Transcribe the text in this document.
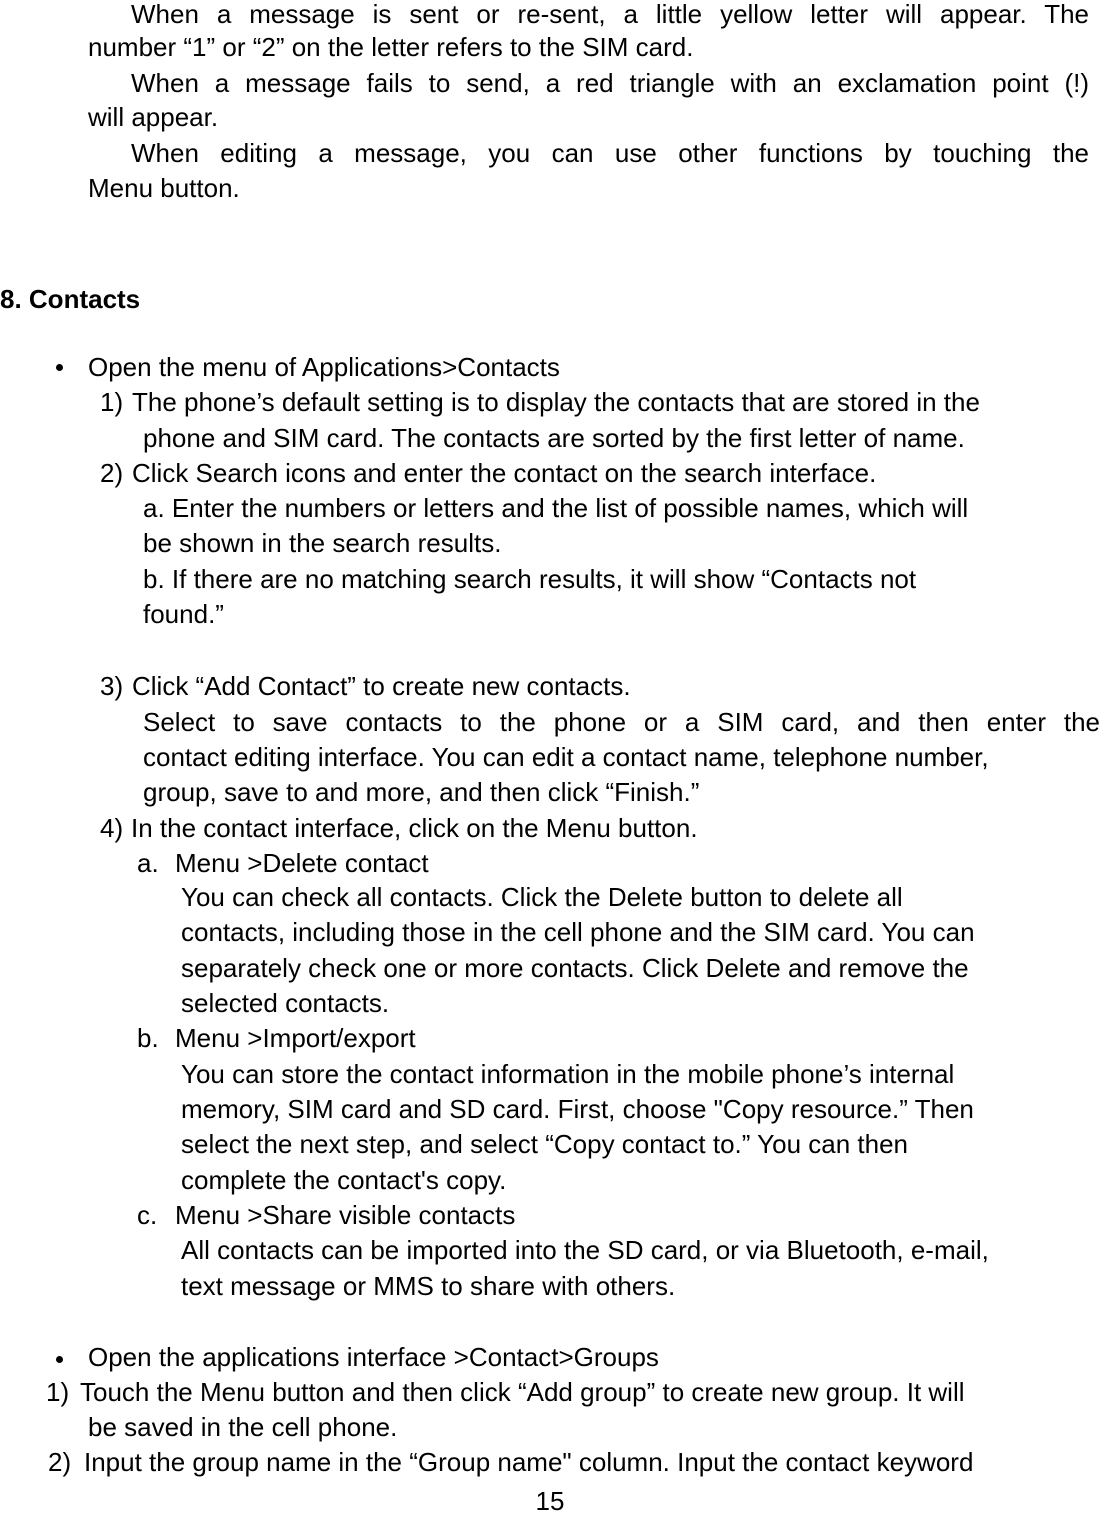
When a message is sent or re-sent, a little yellow letter will appear. The
number “1” or “2” on the letter refers to the SIM card.
When a message fails to send, a red triangle with an exclamation point (!)
will appear.
When editing a message, you can use other functions by touching the
Menu button.
8. Contacts
Open the menu of Applications>Contacts
1) The phone’s default setting is to display the contacts that are stored in the
phone and SIM card. The contacts are sorted by the first letter of name.
2) Click Search icons and enter the contact on the search interface.
a. Enter the numbers or letters and the list of possible names, which will
be shown in the search results.
b. If there are no matching search results, it will show “Contacts not
found.”
3) Click “Add Contact” to create new contacts.
Select to save contacts to the phone or a SIM card, and then enter the
contact editing interface. You can edit a contact name, telephone number,
group, save to and more, and then click “Finish.”
4) In the contact interface, click on the Menu button.
a. Menu >Delete contact
You can check all contacts. Click the Delete button to delete all
contacts, including those in the cell phone and the SIM card. You can
separately check one or more contacts. Click Delete and remove the
selected contacts.
b. Menu >Import/export
You can store the contact information in the mobile phone’s internal
memory, SIM card and SD card. First, choose "Copy resource.” Then
select the next step, and select “Copy contact to.” You can then
complete the contact's copy.
c. Menu >Share visible contacts
All contacts can be imported into the SD card, or via Bluetooth, e-mail,
text message or MMS to share with others.
Open the applications interface >Contact>Groups
1) Touch the Menu button and then click “Add group” to create new group. It will
be saved in the cell phone.
2) Input the group name in the “Group name" column. Input the contact keyword
15
